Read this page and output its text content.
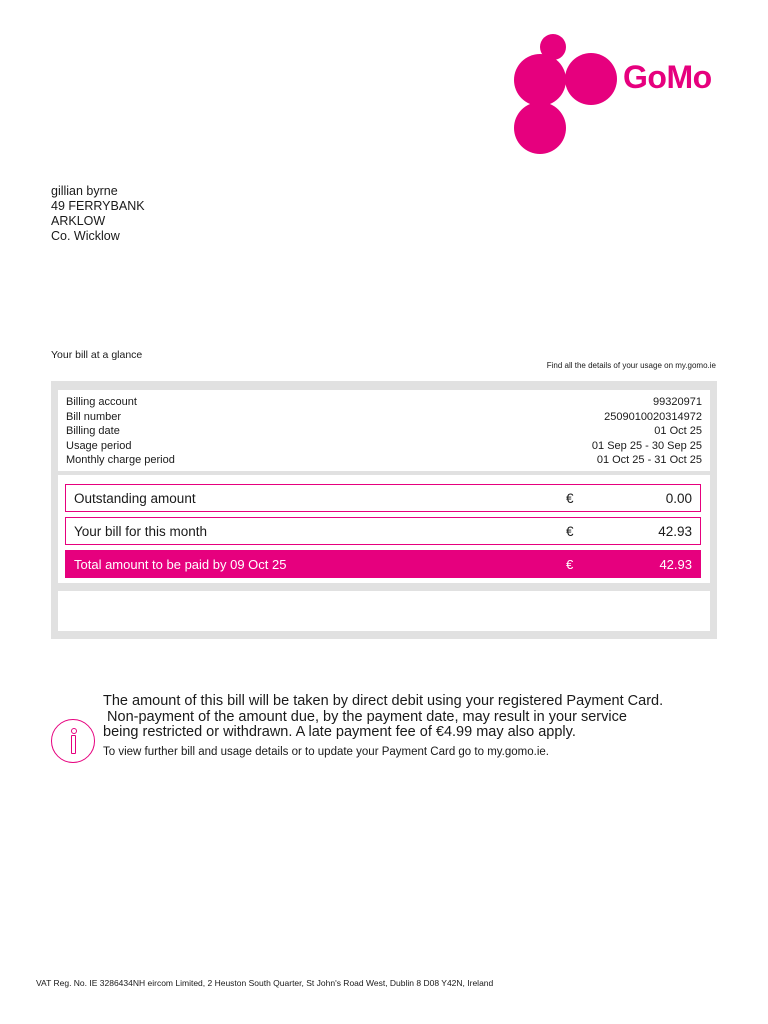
GoMo
gillian byrne
49 FERRYBANK
ARKLOW
Co. Wicklow
Your bill at a glance
Find all the details of your usage on my.gomo.ie
Billing account	99320971
Bill number	2509010020314972
Billing date	01 Oct 25
Usage period	01 Sep 25 - 30 Sep 25
Monthly charge period	01 Oct 25 - 31 Oct 25
Outstanding amount	€	0.00
Your bill for this month	€	42.93
Total amount to be paid by 09 Oct 25	€	42.93
The amount of this bill will be taken by direct debit using your registered Payment Card.
Non-payment of the amount due, by the payment date, may result in your service
being restricted or withdrawn. A late payment fee of €4.99 may also apply.
To view further bill and usage details or to update your Payment Card go to my.gomo.ie.
VAT Reg. No. IE 3286434NH eircom Limited, 2 Heuston South Quarter, St John's Road West, Dublin 8 D08 Y42N, Ireland
